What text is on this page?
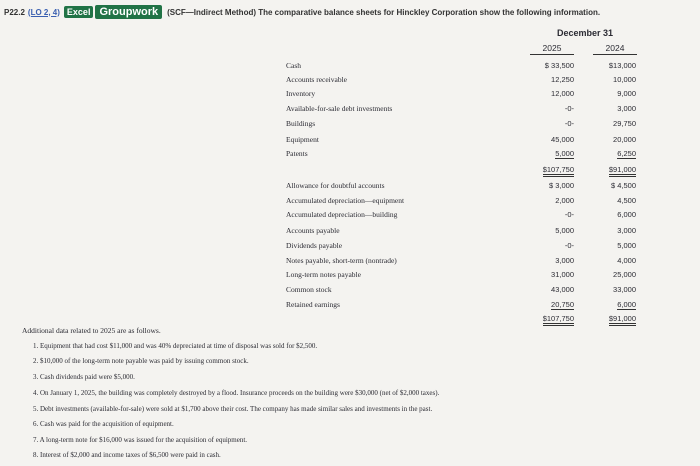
P22.2 (LO 2, 4) Excel Groupwork	(SCF—Indirect Method) The comparative balance sheets for Hinckley Corporation show the following information.
December 31
2025	2024
Cash	$ 33,500	$13,000
Accounts receivable	12,250	10,000
Inventory	12,000	9,000
Available-for-sale debt investments	-0-	3,000
Buildings	-0-	29,750
Equipment	45,000	20,000
Patents	5,000	6,250
$107,750	$91,000
Allowance for doubtful accounts	$ 3,000	$ 4,500
Accumulated depreciation—equipment	2,000	4,500
Accumulated depreciation—building	-0-	6,000
Accounts payable	5,000	3,000
Dividends payable	-0-	5,000
Notes payable, short-term (nontrade)	3,000	4,000
Long-term notes payable	31,000	25,000
Common stock	43,000	33,000
Retained earnings	20,750	6,000
$107,750	$91,000
Additional data related to 2025 are as follows.
1. Equipment that had cost $11,000 and was 40% depreciated at time of disposal was sold for $2,500.
2. $10,000 of the long-term note payable was paid by issuing common stock.
3. Cash dividends paid were $5,000.
4. On January 1, 2025, the building was completely destroyed by a flood. Insurance proceeds on the building were $30,000 (net of $2,000 taxes).
5. Debt investments (available-for-sale) were sold at $1,700 above their cost. The company has made similar sales and investments in the past.
6. Cash was paid for the acquisition of equipment.
7. A long-term note for $16,000 was issued for the acquisition of equipment.
8. Interest of $2,000 and income taxes of $6,500 were paid in cash.
